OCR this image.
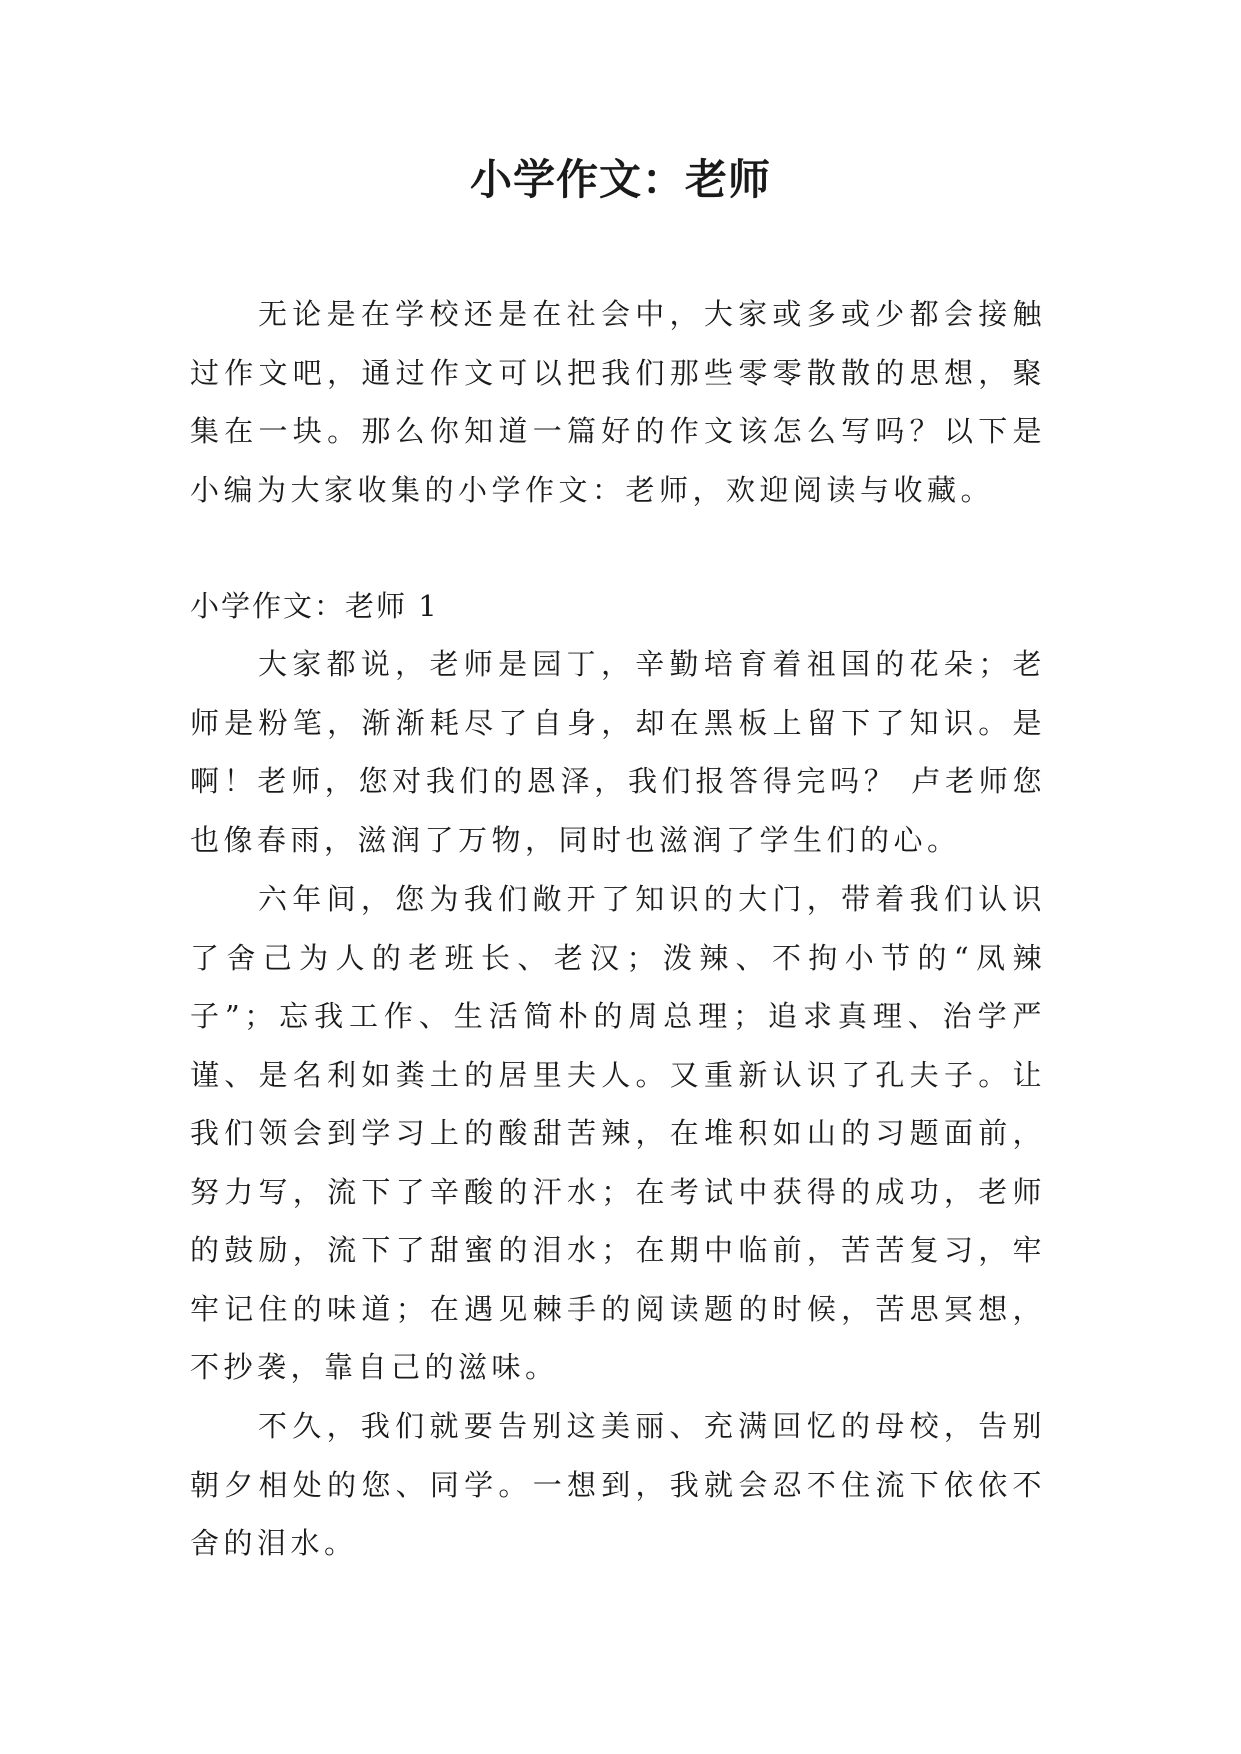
小学作文：老师

无论是在学校还是在社会中，大家或多或少都会接触过作文吧，通过作文可以把我们那些零零散散的思想，聚集在一块。那么你知道一篇好的作文该怎么写吗？以下是小编为大家收集的小学作文：老师，欢迎阅读与收藏。

小学作文：老师 1

大家都说，老师是园丁，辛勤培育着祖国的花朵；老师是粉笔，渐渐耗尽了自身，却在黑板上留下了知识。是啊！老师，您对我们的恩泽，我们报答得完吗？ 卢老师您也像春雨，滋润了万物，同时也滋润了学生们的心。

六年间，您为我们敞开了知识的大门，带着我们认识了舍己为人的老班长、老汉；泼辣、不拘小节的“凤辣子”；忘我工作、生活简朴的周总理；追求真理、治学严谨、是名利如粪土的居里夫人。又重新认识了孔夫子。让我们领会到学习上的酸甜苦辣，在堆积如山的习题面前，努力写，流下了辛酸的汗水；在考试中获得的成功，老师的鼓励，流下了甜蜜的泪水；在期中临前，苦苦复习，牢牢记住的味道；在遇见棘手的阅读题的时候，苦思冥想，不抄袭，靠自己的滋味。

不久，我们就要告别这美丽、充满回忆的母校，告别朝夕相处的您、同学。一想到，我就会忍不住流下依依不舍的泪水。
